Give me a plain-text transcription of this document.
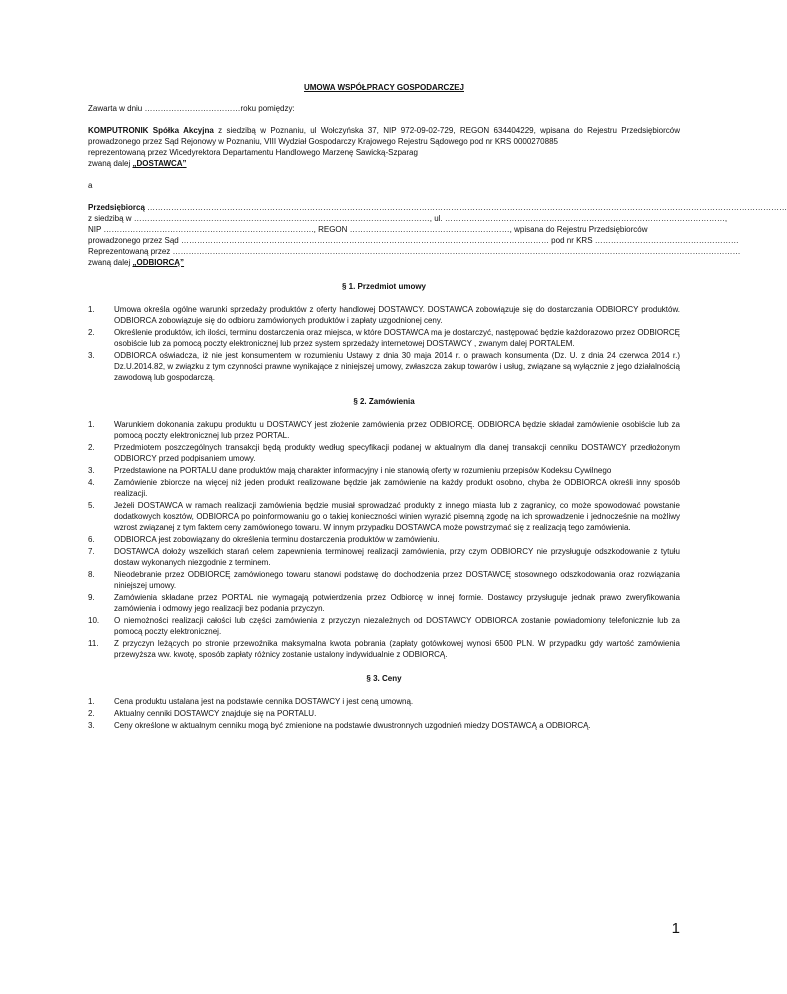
UMOWA WSPÓŁPRACY GOSPODARCZEJ

Zawarta w dniu ………………………………roku pomiędzy:

KOMPUTRONIK Spółka Akcyjna z siedzibą w Poznaniu, ul Wołczyńska 37, NIP 972-09-02-729, REGON 634404229, wpisana do Rejestru Przedsiębiorców prowadzonego przez Sąd Rejonowy w Poznaniu, VIII Wydział Gospodarczy Krajowego Rejestru Sądowego pod nr KRS 0000270885

reprezentowaną przez Wicedyrektora Departamentu Handlowego Marzenę Sawicką-Szparag

zwaną dalej „DOSTAWCA”

a

Przedsiębiorcą
……………………………………………………………………………………………………………………………………………………………………………………………………………………
z siedzibą w …………………………………………………………………………………………………, ul. ……………………………………………………………………………………………,
NIP ……………………………………………………………………., REGON ……………………………………………………, wpisana do Rejestru Przedsiębiorców
prowadzonego przez Sąd ………………………………………………………………………………………………………………………… pod nr KRS ………………………………………………
Reprezentowaną przez ……………………………………………………………………………………………………………………………………………………………………………………………

zwaną dalej „ODBIORCĄ”

§ 1. Przedmiot umowy

1. Umowa określa ogólne warunki sprzedaży produktów z oferty handlowej DOSTAWCY. DOSTAWCA zobowiązuje się do dostarczania ODBIORCY produktów. ODBIORCA zobowiązuje się do odbioru zamówionych produktów i zapłaty uzgodnionej ceny.
2. Określenie produktów, ich ilości, terminu dostarczenia oraz miejsca, w które DOSTAWCA ma je dostarczyć, następować będzie każdorazowo przez ODBIORCĘ osobiście lub za pomocą poczty elektronicznej lub przez system sprzedaży internetowej DOSTAWCY , zwanym dalej PORTALEM.
3. ODBIORCA oświadcza, iż nie jest konsumentem w rozumieniu Ustawy z dnia 30 maja 2014 r. o prawach konsumenta (Dz. U. z dnia 24 czerwca 2014 r.) Dz.U.2014.82, w związku z tym czynności prawne wynikające z niniejszej umowy, zwłaszcza zakup towarów i usług, związane są wyłącznie z jego działalnością zawodową lub gospodarczą.

§ 2. Zamówienia

1. Warunkiem dokonania zakupu produktu u DOSTAWCY jest złożenie zamówienia przez ODBIORCĘ. ODBIORCA będzie składał zamówienie osobiście lub za pomocą poczty elektronicznej lub przez PORTAL.
2. Przedmiotem poszczególnych transakcji będą produkty według specyfikacji podanej w aktualnym dla danej transakcji cenniku DOSTAWCY przedłożonym ODBIORCY przed podpisaniem umowy.
3. Przedstawione na PORTALU dane produktów mają charakter informacyjny i nie stanowią oferty w rozumieniu przepisów Kodeksu Cywilnego
4. Zamówienie zbiorcze na więcej niż jeden produkt realizowane będzie jak zamówienie na każdy produkt osobno, chyba że ODBIORCA określi inny sposób realizacji.
5. Jeżeli DOSTAWCA w ramach realizacji zamówienia będzie musiał sprowadzać produkty z innego miasta lub z zagranicy, co może spowodować powstanie dodatkowych kosztów, ODBIORCA po poinformowaniu go o takiej konieczności winien wyrazić pisemną zgodę na ich sprowadzenie i jednocześnie na możliwy wzrost związanej z tym faktem ceny zamówionego towaru. W innym przypadku DOSTAWCA może powstrzymać się z realizacją tego zamówienia.
6. ODBIORCA jest zobowiązany do określenia terminu dostarczenia produktów w zamówieniu.
7. DOSTAWCA dołoży wszelkich starań celem zapewnienia terminowej realizacji zamówienia, przy czym ODBIORCY nie przysługuje odszkodowanie z tytułu dostaw wykonanych niezgodnie z terminem.
8. Nieodebranie przez ODBIORCĘ zamówionego towaru stanowi podstawę do dochodzenia przez DOSTAWCĘ stosownego odszkodowania oraz rozwiązania niniejszej umowy.
9. Zamówienia składane przez PORTAL nie wymagają potwierdzenia przez Odbiorcę w innej formie. Dostawcy przysługuje jednak prawo zweryfikowania zamówienia i odmowy jego realizacji bez podania przyczyn.
10. O niemożności realizacji całości lub części zamówienia z przyczyn niezależnych od DOSTAWCY ODBIORCA zostanie powiadomiony telefonicznie lub za pomocą poczty elektronicznej.
11. Z przyczyn leżących po stronie przewoźnika maksymalna kwota pobrania (zapłaty gotówkowej wynosi 6500 PLN. W przypadku gdy wartość zamówienia przewyższa ww. kwotę, sposób zapłaty różnicy zostanie ustalony indywidualnie z ODBIORCĄ.

§ 3. Ceny

1. Cena produktu ustalana jest na podstawie cennika DOSTAWCY i jest ceną umowną.
2. Aktualny cenniki DOSTAWCY znajduje się na PORTALU.
3. Ceny określone w aktualnym cenniku mogą być zmienione na podstawie dwustronnych uzgodnień miedzy DOSTAWCĄ a ODBIORCĄ.
1
